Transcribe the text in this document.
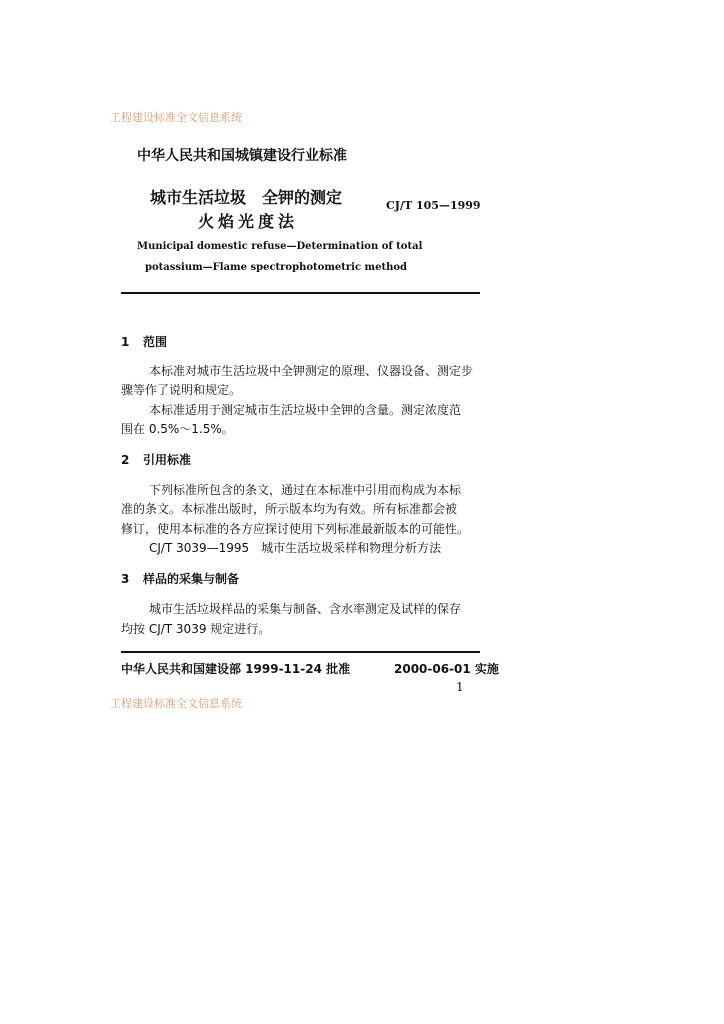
工程建设标准全文信息系统
中华人民共和国城镇建设行业标准
城市生活垃圾　全钾的测定
火焰光度法
CJ/T 105—1999
Municipal domestic refuse—Determination of total
potassium—Flame spectrophotometric method
1 范围
本标准对城市生活垃圾中全钾测定的原理、仪器设备、测定步
骤等作了说明和规定。
本标准适用于测定城市生活垃圾中全钾的含量。测定浓度范
围在 0.5%～1.5%。
2 引用标准
下列标准所包含的条文，通过在本标准中引用而构成为本标
准的条文。本标准出版时，所示版本均为有效。所有标准都会被
修订，使用本标准的各方应探讨使用下列标准最新版本的可能性。
CJ/T 3039—1995　城市生活垃圾采样和物理分析方法
3 样品的采集与制备
城市生活垃圾样品的采集与制备、含水率测定及试样的保存
均按 CJ/T 3039 规定进行。
中华人民共和国建设部 1999-11-24 批准	2000-06-01 实施
1
工程建设标准全文信息系统
